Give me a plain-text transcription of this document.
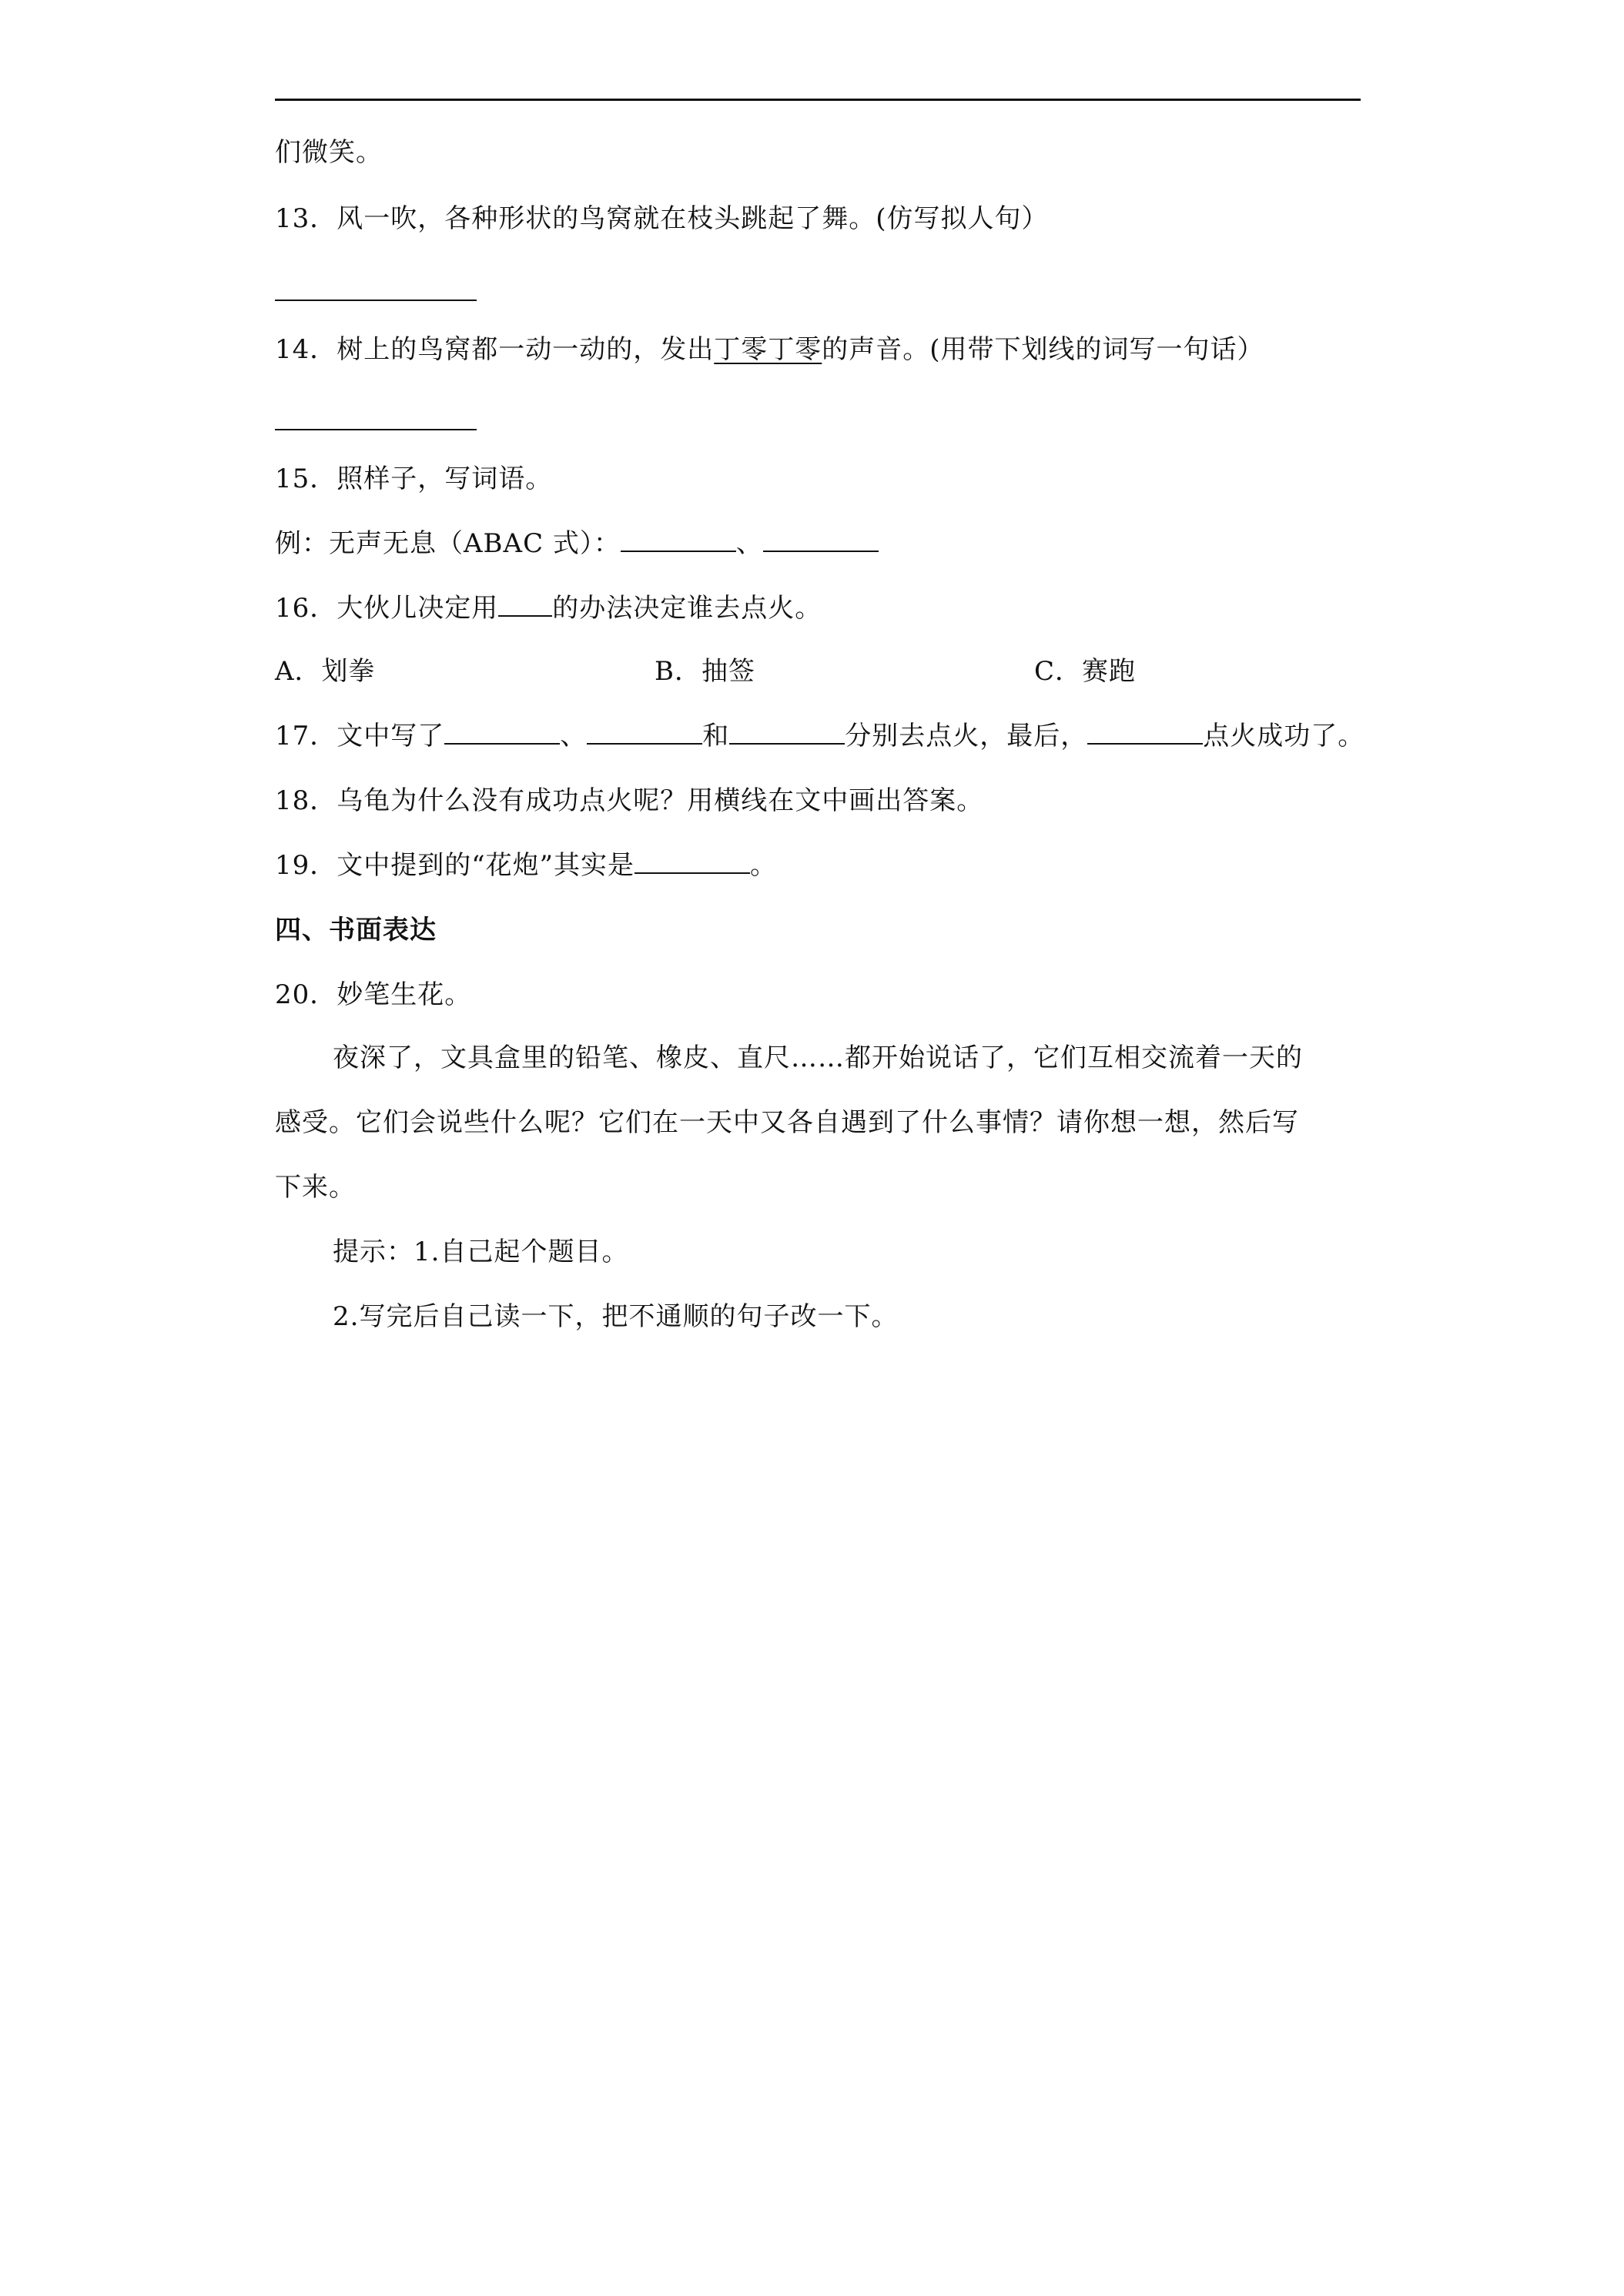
们微笑。
13．风一吹，各种形状的鸟窝就在枝头跳起了舞。(仿写拟人句）
14．树上的鸟窝都一动一动的，发出丁零丁零的声音。(用带下划线的词写一句话）
15．照样子，写词语。
例：无声无息（ABAC 式）：	、
16．大伙儿决定用 的办法决定谁去点火。
A．划拳	B．抽签	C．赛跑
17．文中写了	、	和	分别去点火，最后，	点火成功了。
18．乌龟为什么没有成功点火呢？用横线在文中画出答案。
19．文中提到的“花炮”其实是	。
四、书面表达
20．妙笔生花。
夜深了，文具盒里的铅笔、橡皮、直尺……都开始说话了，它们互相交流着一天的
感受。它们会说些什么呢？它们在一天中又各自遇到了什么事情？请你想一想，然后写
下来。
提示：1.自己起个题目。
2.写完后自己读一下，把不通顺的句子改一下。
